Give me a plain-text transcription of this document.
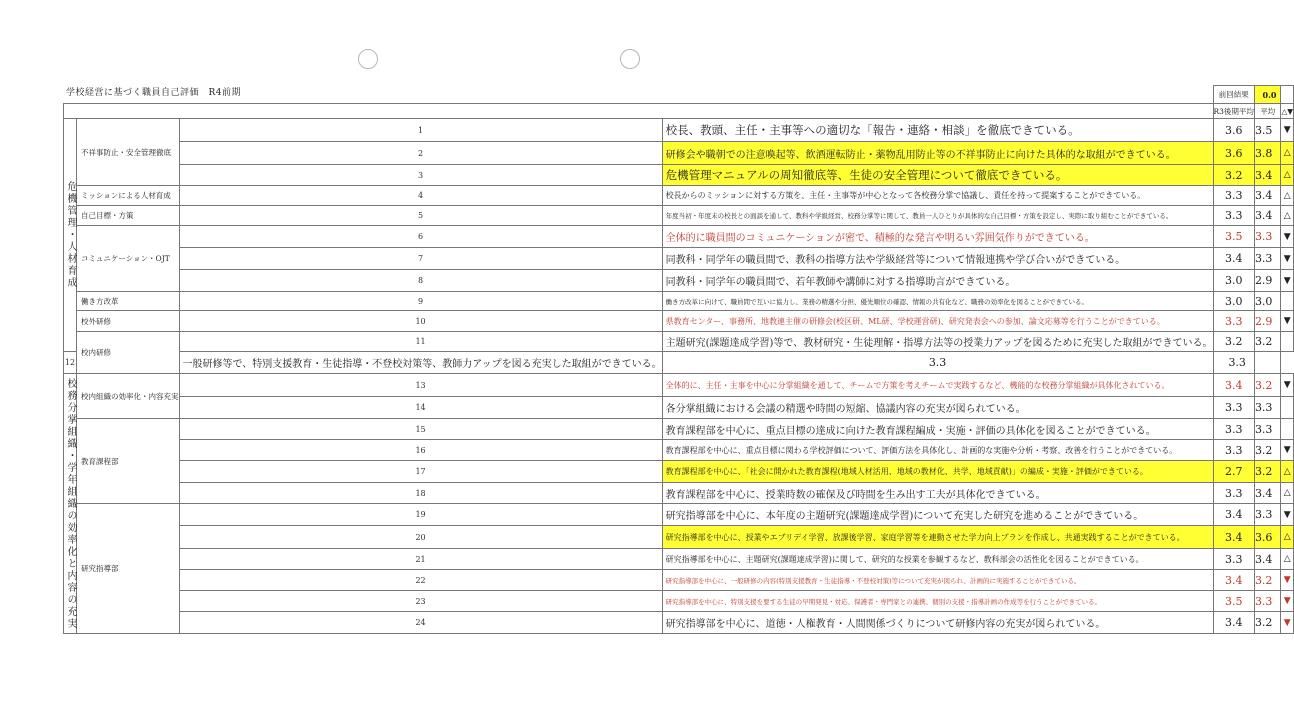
学校経営に基づく職員自己評価　R4前期
				前回結果	0.0	
				R3後期平均	平均	△▼

危機管理・人材育成	不祥事防止・安全管理徹底	1	校長、教頭、主任・主事等への適切な「報告・連絡・相談」を徹底できている。	3.6	3.5	▼
		2	研修会や職朝での注意喚起等、飲酒運転防止・薬物乱用防止等の不祥事防止に向けた具体的な取組ができている。	3.6	3.8	△
		3	危機管理マニュアルの周知徹底等、生徒の安全管理について徹底できている。	3.2	3.4	△
	ミッションによる人材育成	4	校長からのミッションに対する方策を、主任・主事等が中心となって各校務分掌で協議し、責任を持って提案することができている。	3.3	3.4	△
	自己目標・方策	5	年度当初・年度末の校長との面談を通して、教科や学級経営、校務分掌等に関して、教員一人ひとりが具体的な自己目標・方策を設定し、実際に取り組むことができている。	3.3	3.4	△
	コミュニケーション・OJT	6	全体的に職員間のコミュニケーションが密で、積極的な発言や明るい雰囲気作りができている。	3.5	3.3	▼
		7	同教科・同学年の職員間で、教科の指導方法や学級経営等について情報連携や学び合いができている。	3.4	3.3	▼
		8	同教科・同学年の職員間で、若年教師や講師に対する指導助言ができている。	3.0	2.9	▼
	働き方改革	9	働き方改革に向けて、職員間で互いに協力し、業務の精選や分担、優先順位の確認、情報の共有化など、職務の効率化を図ることができている。	3.0	3.0	
	校外研修	10	県教育センター、事務所、地教連主催の研修会(校区研、ML研、学校運営研)、研究発表会への参加、論文応募等を行うことができている。	3.3	2.9	▼
	校内研修	11	主題研究(課題達成学習)等で、教材研究・生徒理解・指導方法等の授業力アップを図るために充実した取組ができている。	3.2	3.2	
12		一般研修等で、特別支援教育・生徒指導・不登校対策等、教師力アップを図る充実した取組ができている。	3.3	3.3		

校務分掌組織・学年組織の効率化と内容の充実	校内組織の効率化・内容充実	13	全体的に、主任・主事を中心に分掌組織を通して、チームで方策を考えチームで実践するなど、機能的な校務分掌組織が具体化されている。	3.4	3.2	▼
		14	各分掌組織における会議の精選や時間の短縮、協議内容の充実が図られている。	3.3	3.3	
	教育課程部	15	教育課程部を中心に、重点目標の達成に向けた教育課程編成・実施・評価の具体化を図ることができている。	3.3	3.3	
		16	教育課程部を中心に、重点目標に関わる学校評価について、評価方法を具体化し、計画的な実施や分析・考察、改善を行うことができている。	3.3	3.2	▼
		17	教育課程部を中心に、「社会に開かれた教育課程(地域人材活用、地域の教材化、共学、地域貢献)」の編成・実施・評価ができている。	2.7	3.2	△
		18	教育課程部を中心に、授業時数の確保及び時間を生み出す工夫が具体化できている。	3.3	3.4	△
	研究指導部	19	研究指導部を中心に、本年度の主題研究(課題達成学習)について充実した研究を進めることができている。	3.4	3.3	▼
		20	研究指導部を中心に、授業やエブリデイ学習、放課後学習、家庭学習等を連動させた学力向上プランを作成し、共通実践することができている。	3.4	3.6	△
		21	研究指導部を中心に、主題研究(課題達成学習)に関して、研究的な授業を参観するなど、教科部会の活性化を図ることができている。	3.3	3.4	△
		22	研究指導部を中心に、一般研修の内容(特別支援教育・生徒指導・不登校対策)等について充実が図られ、計画的に実施することができている。	3.4	3.2	▼
		23	研究指導部を中心に、特別支援を要する生徒の早期発見・対応、保護者・専門家との連携、個別の支援・指導計画の作成等を行うことができている。	3.5	3.3	▼
		24	研究指導部を中心に、道徳・人権教育・人間関係づくりについて研修内容の充実が図られている。	3.4	3.2	▼
